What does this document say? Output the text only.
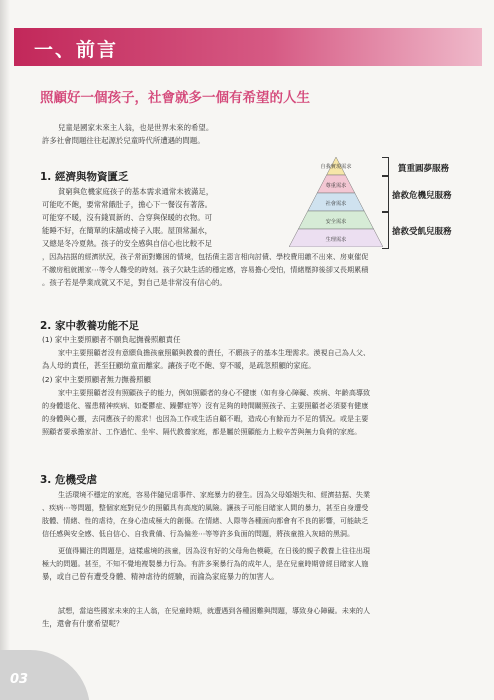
一、前言
照顧好一個孩子，社會就多一個有希望的人生
兒童是國家未來主人翁，也是世界未來的希望。
許多社會問題往往起源於兒童時代所遭遇的問題。
1. 經濟與物資匱乏
貧窮與危機家庭孩子的基本需求通常未被滿足，
可能吃不飽，要常常餓肚子，擔心下一餐沒有著落。
可能穿不暖，沒有錢買新的、合穿與保暖的衣物。可
能睡不好，在簡單的床舖或椅子入眠。屋頂常漏水，
又總是冬冷夏熱。孩子的安全感與自信心也比較不足
，因為拮据的經濟狀況，孩子常面對難困的情境，包括債主惡言相向討債、學校費用繳不出來、房東催促
不繳房租就搬家⋯等令人難受的時刻。孩子欠缺生活的穩定感，容易擔心受怕，情緒壓抑後卻又長期累積
。孩子若是學業成就又不足，對自己是非常沒有信心的。
自我實現需求
尊重需求
社會需求
安全需求
生理需求
篔重圓夢服務
搶救危機兒服務
搶救受飢兒服務
2. 家中教養功能不足
(1) 家中主要照顧者不願負起撫養照顧責任
家中主要照顧者沒有意願負擔孩童照顧與教養的責任，不願孩子的基本生理需求。漠視自己為人父、
為人母的責任，甚至狂顧幼童而離家。讓孩子吃不飽、穿不暖，是疏忽照顧的家庭。
(2) 家中主要照顧者無力撫養照顧
家中主要照顧者沒有照顧孩子的能力，例如照顧者的身心不健康（如有身心障礙、疾病、年齡高導致
的身體退化、罹患精神疾病、如憂鬱症、躁鬱症等）沒有足夠的時間關照孩子、主要照顧者必須要有健康
的身體與心靈，去同應孩子的需求！也因為工作或生活自顧不暇，造成心有餘而力不足的情況。或是主要
照顧者要承擔家計、工作過忙、坐牢、隔代教養家庭，都是屬於照顧能力上較辛苦與無力負荷的家庭。
3. 危機受虐
生活環境不穩定的家庭，容易伴隨兒虐事件、家庭暴力的發生。因為父母婚姻失和、經濟拮据、失業
、疾病⋯等問題，整個家庭對兒少的照顧具有高度的風險。讓孩子可能目睹家人間的暴力，甚至自身遭受
肢體、情緒、性的虐待，在身心造成極大的創傷。在情緒、人際等各種面向都會有不良的影響，可能缺乏
信任感與安全感、低自信心、自我貴備、行為偏差⋯等等許多負面的問題，將孩童推入灰暗的黑洞。
更值得關注的問題是，這樣處境的孩童，因為沒有好的父母角色模範，在日後的親子教養上往往出現
極大的問題。甚至，不知不覺地複製暴力行為。有許多案暴行為的成年人，是在兒童時期曾經目睹家人施
暴，或自己曾有遭受身體、精神虐待的經驗，而淪為家庭暴力的加害人。
試想，當這些國家未來的主人翁，在兒童時期，就遭遇到各種困難與問題，導致身心障礙。未來的人
生，還會有什麼希望呢？
03
